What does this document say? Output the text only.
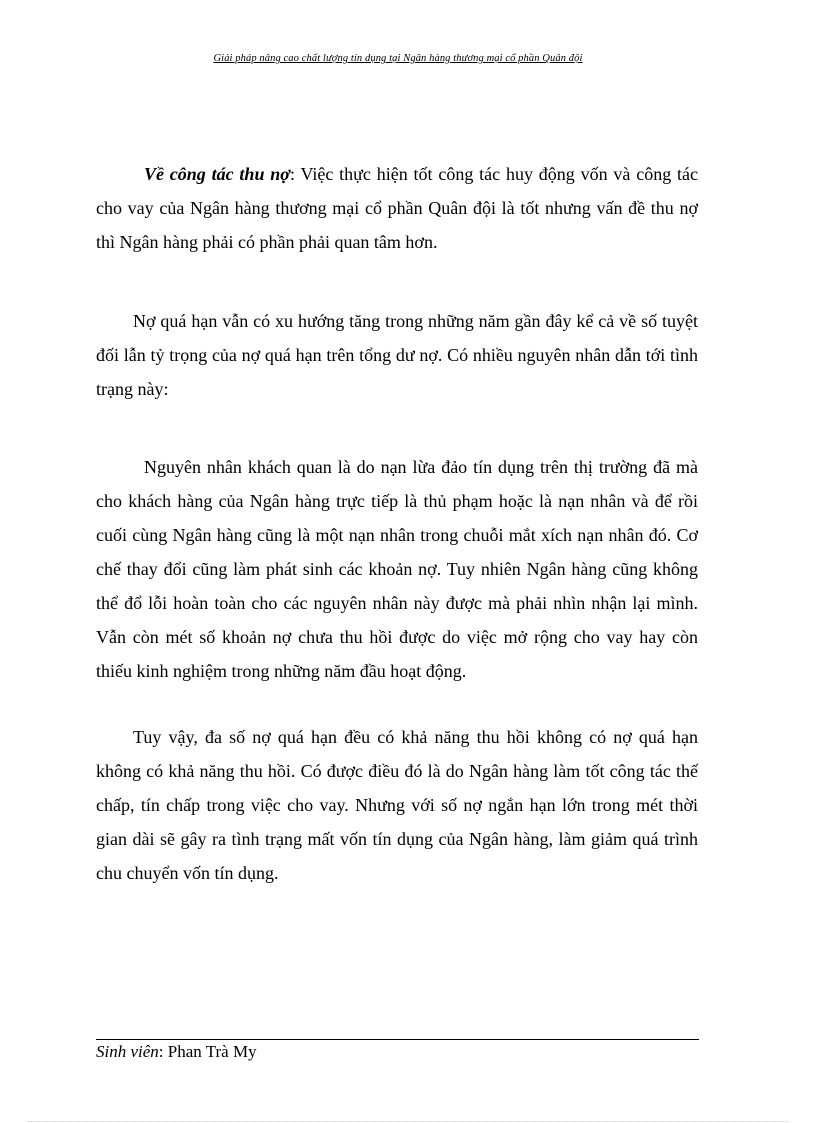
Giải pháp nâng cao chất lượng tín dụng tại Ngân hàng thương mại cổ phần Quân đội

Về công tác thu nợ: Việc thực hiện tốt công tác huy động vốn và công tác cho vay của Ngân hàng thương mại cổ phần Quân đội là tốt nhưng vấn đề thu nợ thì Ngân hàng phải có phần phải quan tâm hơn.

Nợ quá hạn vẫn có xu hướng tăng trong những năm gần đây kể cả về số tuyệt đối lẫn tỷ trọng của nợ quá hạn trên tổng dư nợ. Có nhiều nguyên nhân dẫn tới tình trạng này:

Nguyên nhân khách quan là do nạn lừa đảo tín dụng trên thị trường đã mà cho khách hàng của Ngân hàng trực tiếp là thủ phạm hoặc là nạn nhân và để rồi cuối cùng Ngân hàng cũng là một nạn nhân trong chuỗi mắt xích nạn nhân đó. Cơ chế thay đổi cũng làm phát sinh các khoản nợ. Tuy nhiên Ngân hàng cũng không thể đổ lỗi hoàn toàn cho các nguyên nhân này được mà phải nhìn nhận lại mình. Vẫn còn mét số khoản nợ chưa thu hồi được do việc mở rộng cho vay hay còn thiếu kinh nghiệm trong những năm đầu hoạt động.

Tuy vậy, đa số nợ quá hạn đều có khả năng thu hồi không có nợ quá hạn không có khả năng thu hồi. Có được điều đó là do Ngân hàng làm tốt công tác thế chấp, tín chấp trong việc cho vay. Nhưng với số nợ ngắn hạn lớn trong mét thời gian dài sẽ gây ra tình trạng mất vốn tín dụng của Ngân hàng, làm giảm quá trình chu chuyển vốn tín dụng.

Sinh viên: Phan Trà My
